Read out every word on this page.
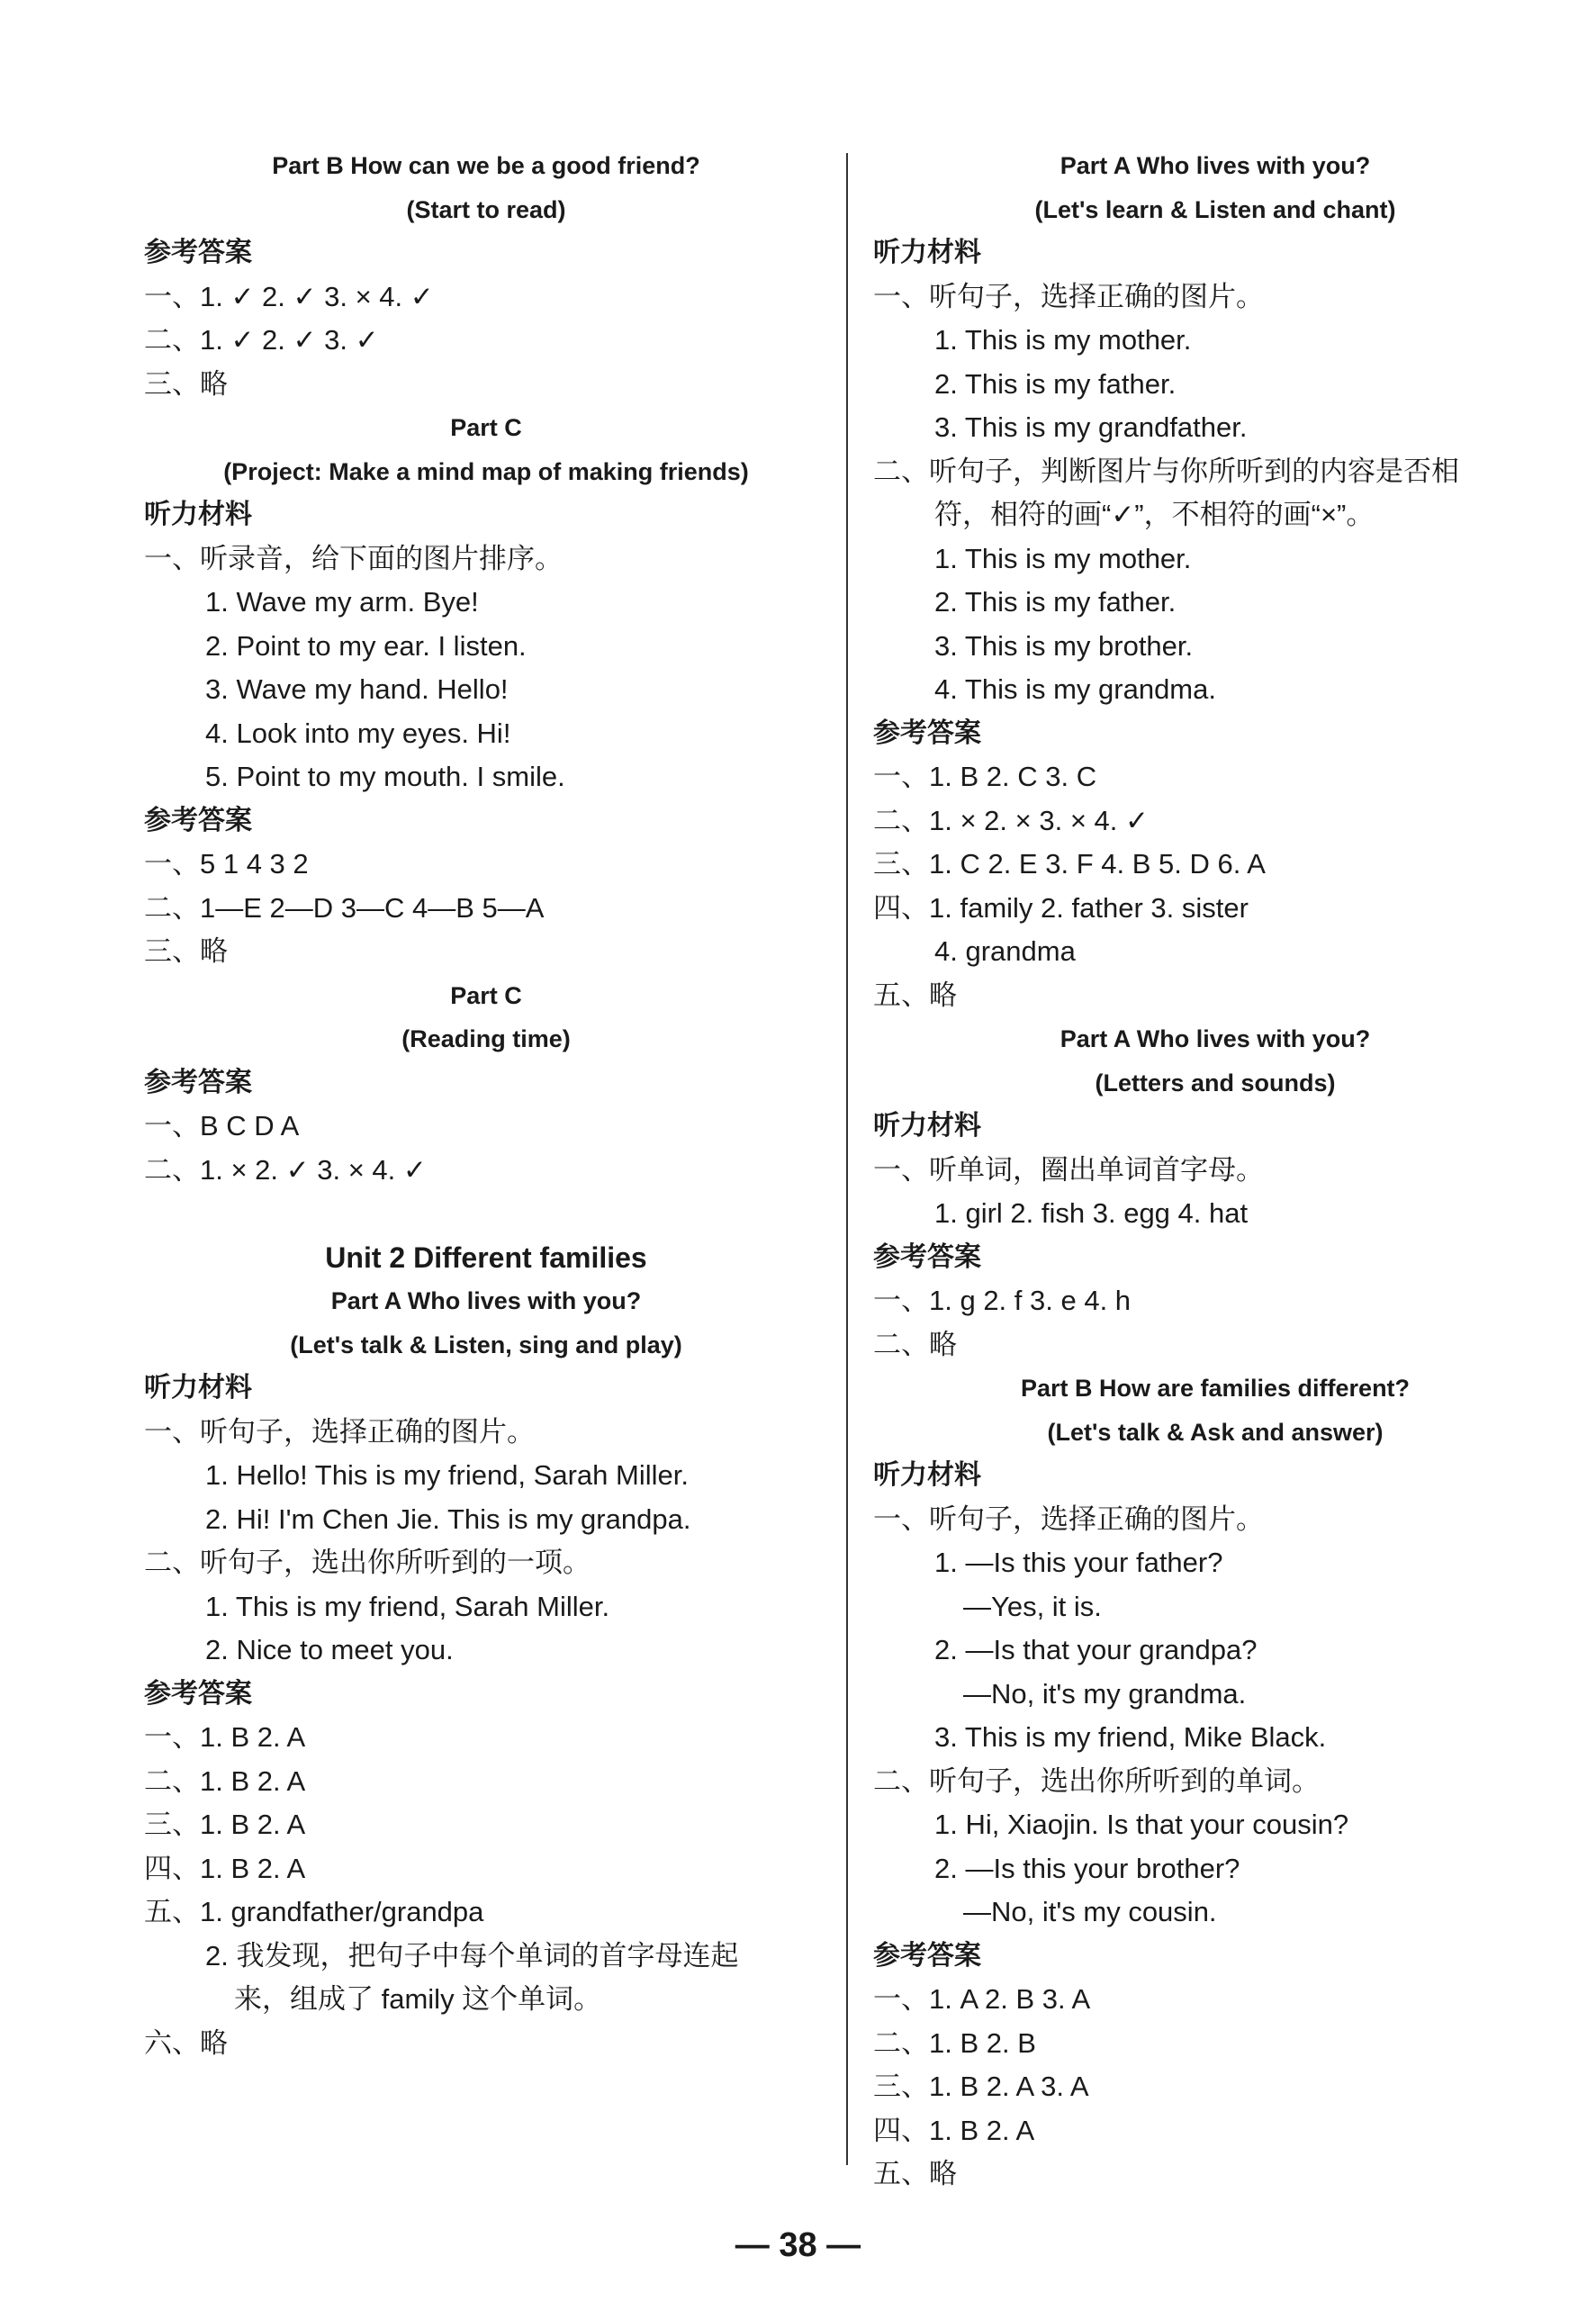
Part B How can we be a good friend?
(Start to read)
参考答案
一、1. ✓ 2. ✓ 3. × 4. ✓
二、1. ✓ 2. ✓ 3. ✓
三、略
Part C
(Project: Make a mind map of making friends)
听力材料
一、听录音，给下面的图片排序。
1. Wave my arm. Bye!
2. Point to my ear. I listen.
3. Wave my hand. Hello!
4. Look into my eyes. Hi!
5. Point to my mouth. I smile.
参考答案
一、5 1 4 3 2
二、1—E 2—D 3—C 4—B 5—A
三、略
Part C
(Reading time)
参考答案
一、B C D A
二、1. × 2. ✓ 3. × 4. ✓
Unit 2 Different families
Part A Who lives with you?
(Let's talk & Listen, sing and play)
听力材料
一、听句子，选择正确的图片。
1. Hello! This is my friend, Sarah Miller.
2. Hi! I'm Chen Jie. This is my grandpa.
二、听句子，选出你所听到的一项。
1. This is my friend, Sarah Miller.
2. Nice to meet you.
参考答案
一、1. B 2. A
二、1. B 2. A
三、1. B 2. A
四、1. B 2. A
五、1. grandfather/grandpa
2. 我发现，把句子中每个单词的首字母连起
来，组成了 family 这个单词。
六、略
Part A Who lives with you?
(Let's learn & Listen and chant)
听力材料
一、听句子，选择正确的图片。
1. This is my mother.
2. This is my father.
3. This is my grandfather.
二、听句子，判断图片与你所听到的内容是否相
符，相符的画“✓”，不相符的画“×”。
1. This is my mother.
2. This is my father.
3. This is my brother.
4. This is my grandma.
参考答案
一、1. B 2. C 3. C
二、1. × 2. × 3. × 4. ✓
三、1. C 2. E 3. F 4. B 5. D 6. A
四、1. family 2. father 3. sister
4. grandma
五、略
Part A Who lives with you?
(Letters and sounds)
听力材料
一、听单词，圈出单词首字母。
1. girl 2. fish 3. egg 4. hat
参考答案
一、1. g 2. f 3. e 4. h
二、略
Part B How are families different?
(Let's talk & Ask and answer)
听力材料
一、听句子，选择正确的图片。
1. —Is this your father?
—Yes, it is.
2. —Is that your grandpa?
—No, it's my grandma.
3. This is my friend, Mike Black.
二、听句子，选出你所听到的单词。
1. Hi, Xiaojin. Is that your cousin?
2. —Is this your brother?
—No, it's my cousin.
参考答案
一、1. A 2. B 3. A
二、1. B 2. B
三、1. B 2. A 3. A
四、1. B 2. A
五、略
— 38 —
